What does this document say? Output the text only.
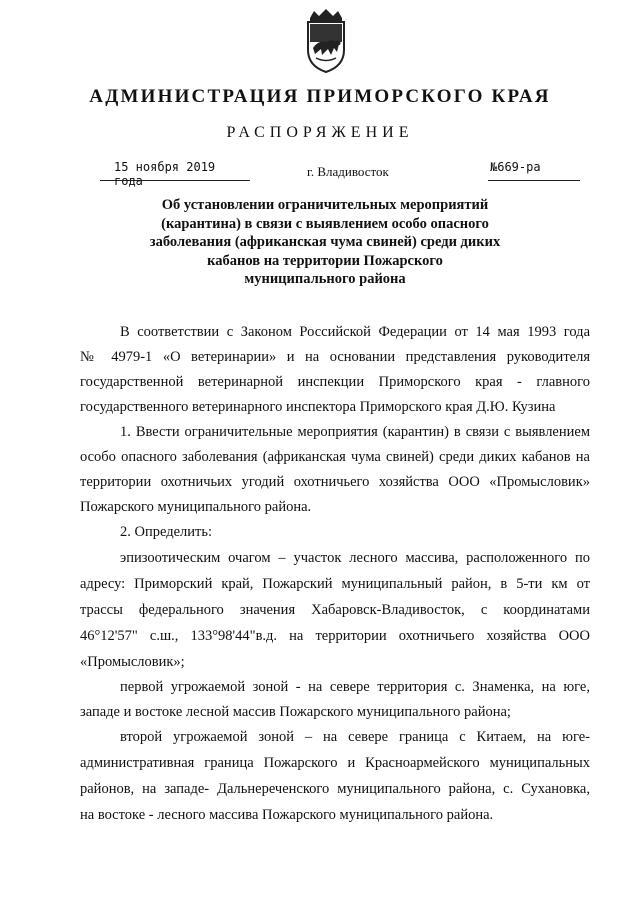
АДМИНИСТРАЦИЯ ПРИМОРСКОГО КРАЯ
РАСПОРЯЖЕНИЕ
15 ноября 2019 года
г. Владивосток	№669-ра
Об установлении ограничительных мероприятий
(карантина) в связи с выявлением особо опасного
заболевания (африканская чума свиней) среди диких
кабанов на территории Пожарского
муниципального района
В соответствии с Законом Российской Федерации от 14 мая 1993 года
№ 4979-1 «О ветеринарии» и на основании представления руководителя
государственной ветеринарной инспекции Приморского края - главного
государственного ветеринарного инспектора Приморского края Д.Ю. Кузина
1. Ввести ограничительные мероприятия (карантин) в связи с выявлением
особо опасного заболевания (африканская чума свиней) среди диких кабанов на
территории охотничьих угодий охотничьего хозяйства ООО «Промысловик»
Пожарского муниципального района.
2. Определить:
эпизоотическим очагом – участок лесного массива, расположенного по
адресу: Приморский край, Пожарский муниципальный район, в 5-ти км от
трассы федерального значения Хабаровск-Владивосток, с координатами
46°12'57" с.ш., 133°98'44"в.д. на территории охотничьего хозяйства ООО
«Промысловик»;
первой угрожаемой зоной - на севере территория с. Знаменка, на юге,
западе и востоке лесной массив Пожарского муниципального района;
второй угрожаемой зоной – на севере граница с Китаем, на юге-
административная граница Пожарского и Красноармейского муниципальных
районов, на западе- Дальнереченского муниципального района, с. Сухановка,
на востоке - лесного массива Пожарского муниципального района.
